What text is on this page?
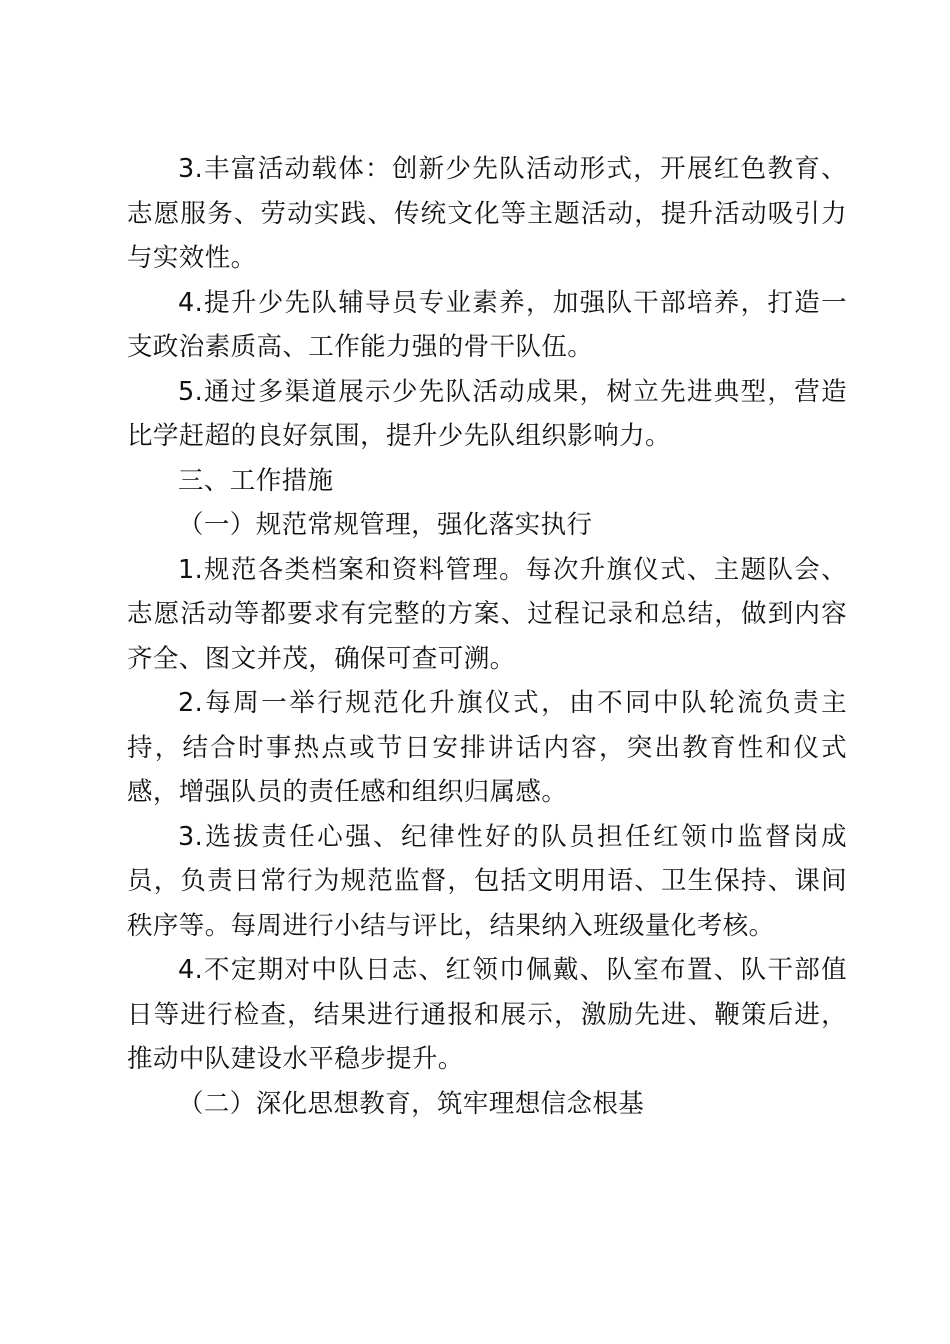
3.丰富活动载体：创新少先队活动形式，开展红色教育、志愿服务、劳动实践、传统文化等主题活动，提升活动吸引力与实效性。

4.提升少先队辅导员专业素养，加强队干部培养，打造一支政治素质高、工作能力强的骨干队伍。

5.通过多渠道展示少先队活动成果，树立先进典型，营造比学赶超的良好氛围，提升少先队组织影响力。

三、工作措施

（一）规范常规管理，强化落实执行

1.规范各类档案和资料管理。每次升旗仪式、主题队会、志愿活动等都要求有完整的方案、过程记录和总结，做到内容齐全、图文并茂，确保可查可溯。

2.每周一举行规范化升旗仪式，由不同中队轮流负责主持，结合时事热点或节日安排讲话内容，突出教育性和仪式感，增强队员的责任感和组织归属感。

3.选拔责任心强、纪律性好的队员担任红领巾监督岗成员，负责日常行为规范监督，包括文明用语、卫生保持、课间秩序等。每周进行小结与评比，结果纳入班级量化考核。

4.不定期对中队日志、红领巾佩戴、队室布置、队干部值日等进行检查，结果进行通报和展示，激励先进、鞭策后进，推动中队建设水平稳步提升。

（二）深化思想教育，筑牢理想信念根基
